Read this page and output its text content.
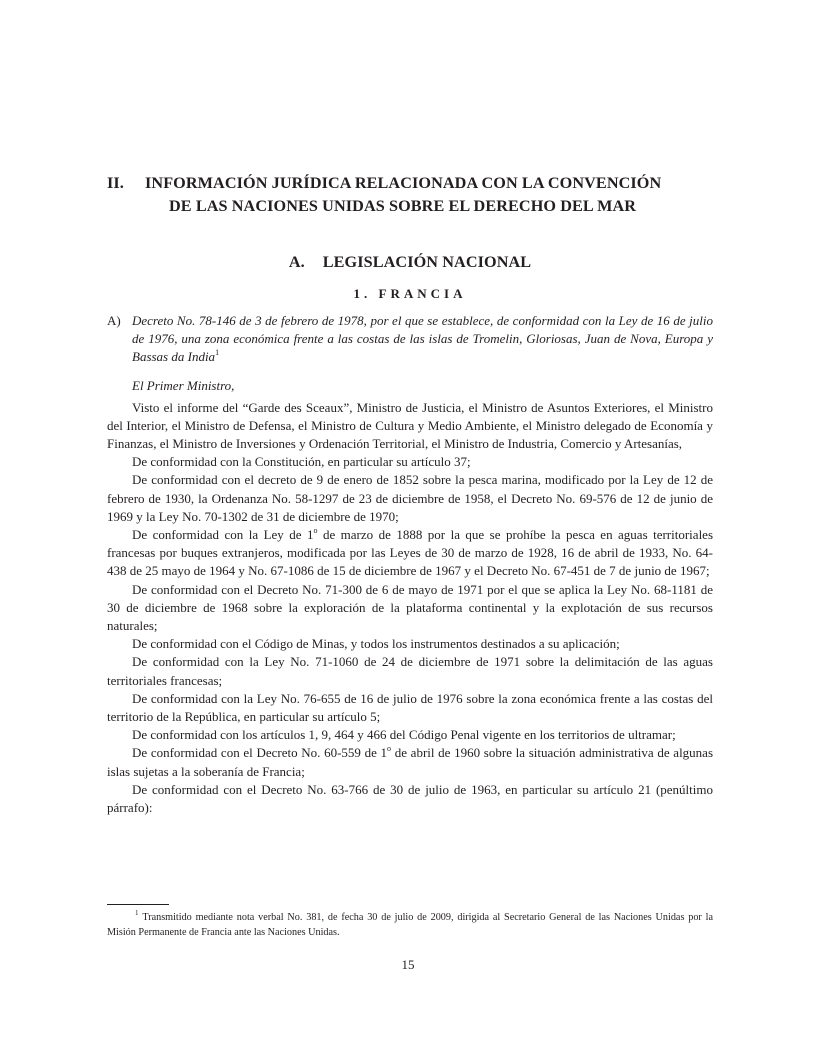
II. INFORMACIÓN JURÍDICA RELACIONADA CON LA CONVENCIÓN
DE LAS NACIONES UNIDAS SOBRE EL DERECHO DEL MAR
A. LEGISLACIÓN NACIONAL
1. FRANCIA
A) Decreto No. 78-146 de 3 de febrero de 1978, por el que se establece, de conformidad con la Ley de 16 de julio de 1976, una zona económica frente a las costas de las islas de Tromelin, Gloriosas, Juan de Nova, Europa y Bassas da India$^1$

El Primer Ministro,

Visto el informe del “Garde des Sceaux”, Ministro de Justicia, el Ministro de Asuntos Exteriores, el Ministro del Interior, el Ministro de Defensa, el Ministro de Cultura y Medio Ambiente, el Ministro delegado de Economía y Finanzas, el Ministro de Inversiones y Ordenación Territorial, el Ministro de Industria, Comercio y Artesanías,

De conformidad con la Constitución, en particular su artículo 37;

De conformidad con el decreto de 9 de enero de 1852 sobre la pesca marina, modificado por la Ley de 12 de febrero de 1930, la Ordenanza No. 58-1297 de 23 de diciembre de 1958, el Decreto No. 69-576 de 12 de junio de 1969 y la Ley No. 70-1302 de 31 de diciembre de 1970;

De conformidad con la Ley de 1$^o$ de marzo de 1888 por la que se prohíbe la pesca en aguas territoriales francesas por buques extranjeros, modificada por las Leyes de 30 de marzo de 1928, 16 de abril de 1933, No. 64-438 de 25 mayo de 1964 y No. 67-1086 de 15 de diciembre de 1967 y el Decreto No. 67-451 de 7 de junio de 1967;

De conformidad con el Decreto No. 71-300 de 6 de mayo de 1971 por el que se aplica la Ley No. 68-1181 de 30 de diciembre de 1968 sobre la exploración de la plataforma continental y la explotación de sus recursos naturales;

De conformidad con el Código de Minas, y todos los instrumentos destinados a su aplicación;

De conformidad con la Ley No. 71-1060 de 24 de diciembre de 1971 sobre la delimitación de las aguas territoriales francesas;

De conformidad con la Ley No. 76-655 de 16 de julio de 1976 sobre la zona económica frente a las costas del territorio de la República, en particular su artículo 5;

De conformidad con los artículos 1, 9, 464 y 466 del Código Penal vigente en los territorios de ultramar;

De conformidad con el Decreto No. 60-559 de 1$^o$ de abril de 1960 sobre la situación administrativa de algunas islas sujetas a la soberanía de Francia;

De conformidad con el Decreto No. 63-766 de 30 de julio de 1963, en particular su artículo 21 (penúltimo párrafo):

$^1$ Transmitido mediante nota verbal No. 381, de fecha 30 de julio de 2009, dirigida al Secretario General de las Naciones Unidas por la Misión Permanente de Francia ante las Naciones Unidas.
15
